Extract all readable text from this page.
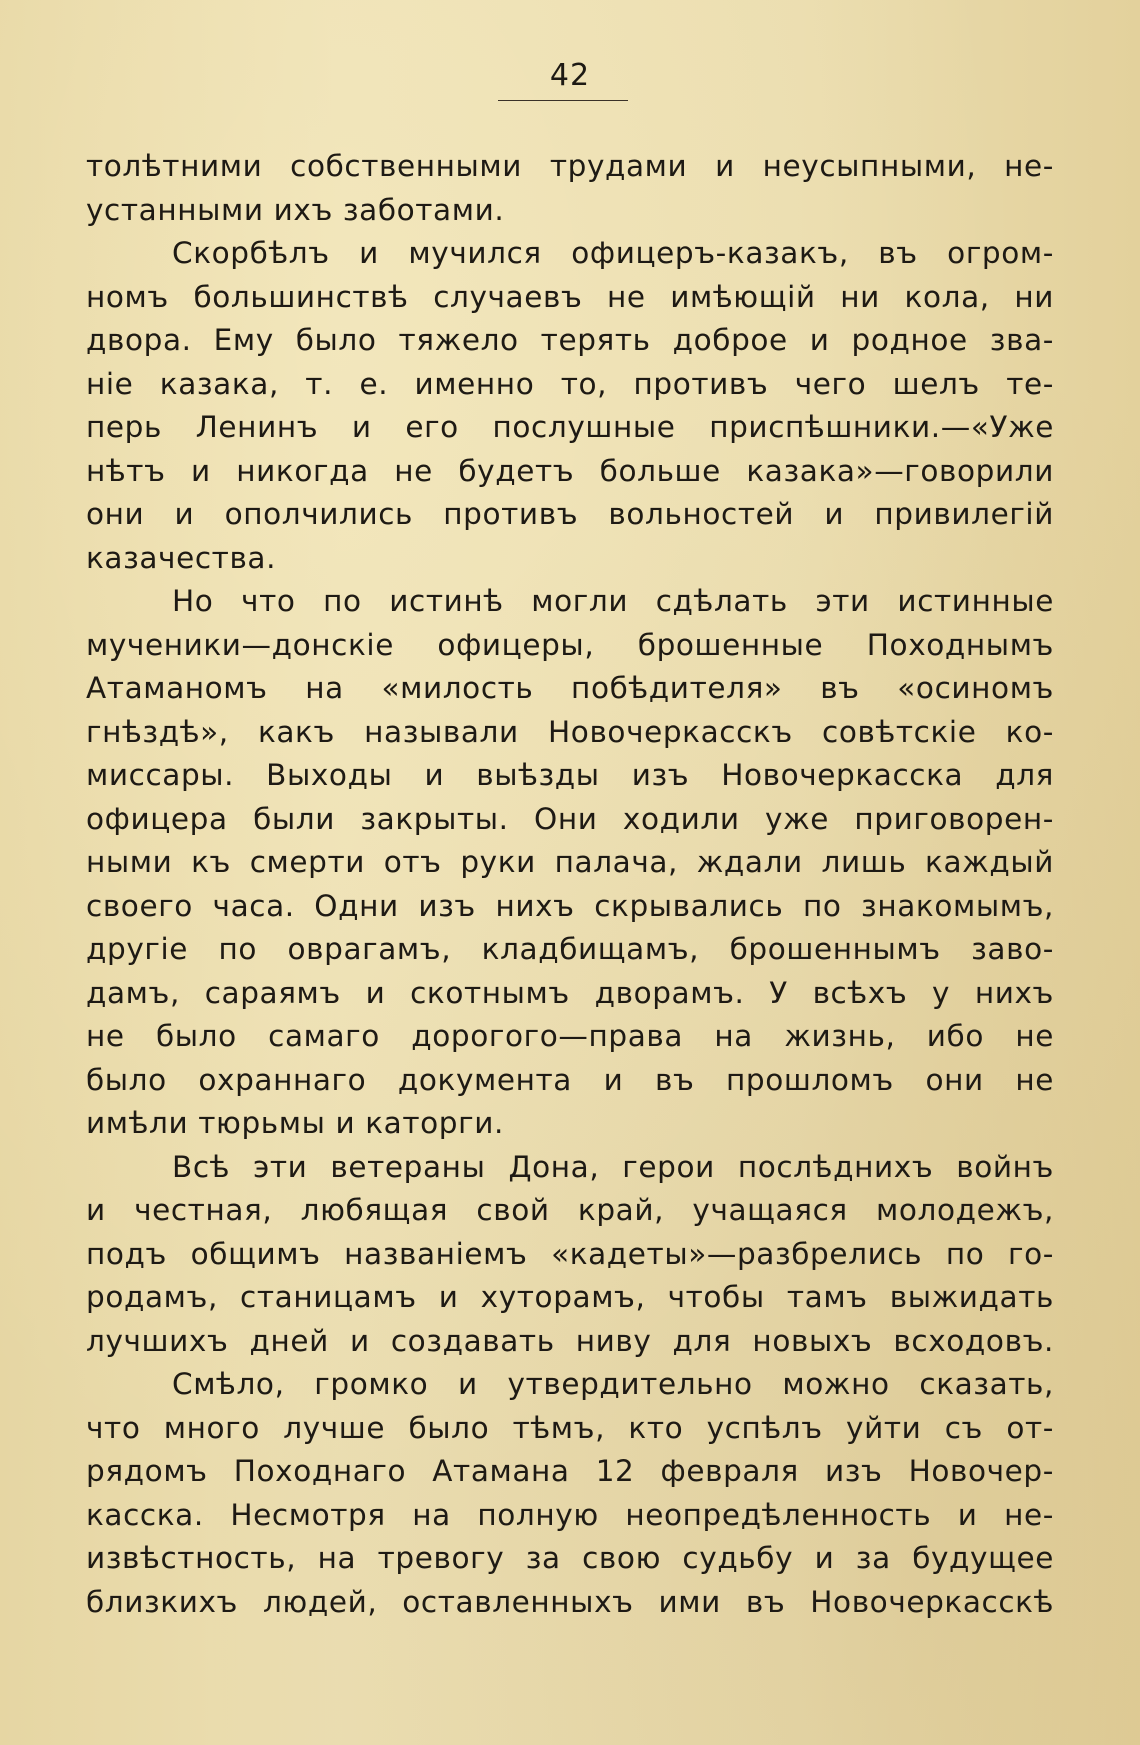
42
толѣтними собственными трудами и неусыпными, не-
устанными ихъ заботами.
Скорбѣлъ и мучился офицеръ-казакъ, въ огром-
номъ большинствѣ случаевъ не имѣющій ни кола, ни
двора. Ему было тяжело терять доброе и родное зва-
ніе казака, т. е. именно то, противъ чего шелъ те-
перь Ленинъ и его послушные приспѣшники.—«Уже
нѣтъ и никогда не будетъ больше казака»—говорили
они и ополчились противъ вольностей и привилегій
казачества.
Но что по истинѣ могли сдѣлать эти истинные
мученики—донскіе офицеры, брошенные Походнымъ
Атаманомъ на «милость побѣдителя» въ «осиномъ
гнѣздѣ», какъ называли Новочеркасскъ совѣтскіе ко-
миссары. Выходы и выѣзды изъ Новочеркасска для
офицера были закрыты. Они ходили уже приговорен-
ными къ смерти отъ руки палача, ждали лишь каждый
своего часа. Одни изъ нихъ скрывались по знакомымъ,
другіе по оврагамъ, кладбищамъ, брошеннымъ заво-
дамъ, сараямъ и скотнымъ дворамъ. У всѣхъ у нихъ
не было самаго дорогого—права на жизнь, ибо не
было охраннаго документа и въ прошломъ они не
имѣли тюрьмы и каторги.
Всѣ эти ветераны Дона, герои послѣднихъ войнъ
и честная, любящая свой край, учащаяся молодежъ,
подъ общимъ названіемъ «кадеты»—разбрелись по го-
родамъ, станицамъ и хуторамъ, чтобы тамъ выжидать
лучшихъ дней и создавать ниву для новыхъ всходовъ.
Смѣло, громко и утвердительно можно сказать,
что много лучше было тѣмъ, кто успѣлъ уйти съ от-
рядомъ Походнаго Атамана 12 февраля изъ Новочер-
касска. Несмотря на полную неопредѣленность и не-
извѣстность, на тревогу за свою судьбу и за будущее
близкихъ людей, оставленныхъ ими въ Новочеркасскѣ
